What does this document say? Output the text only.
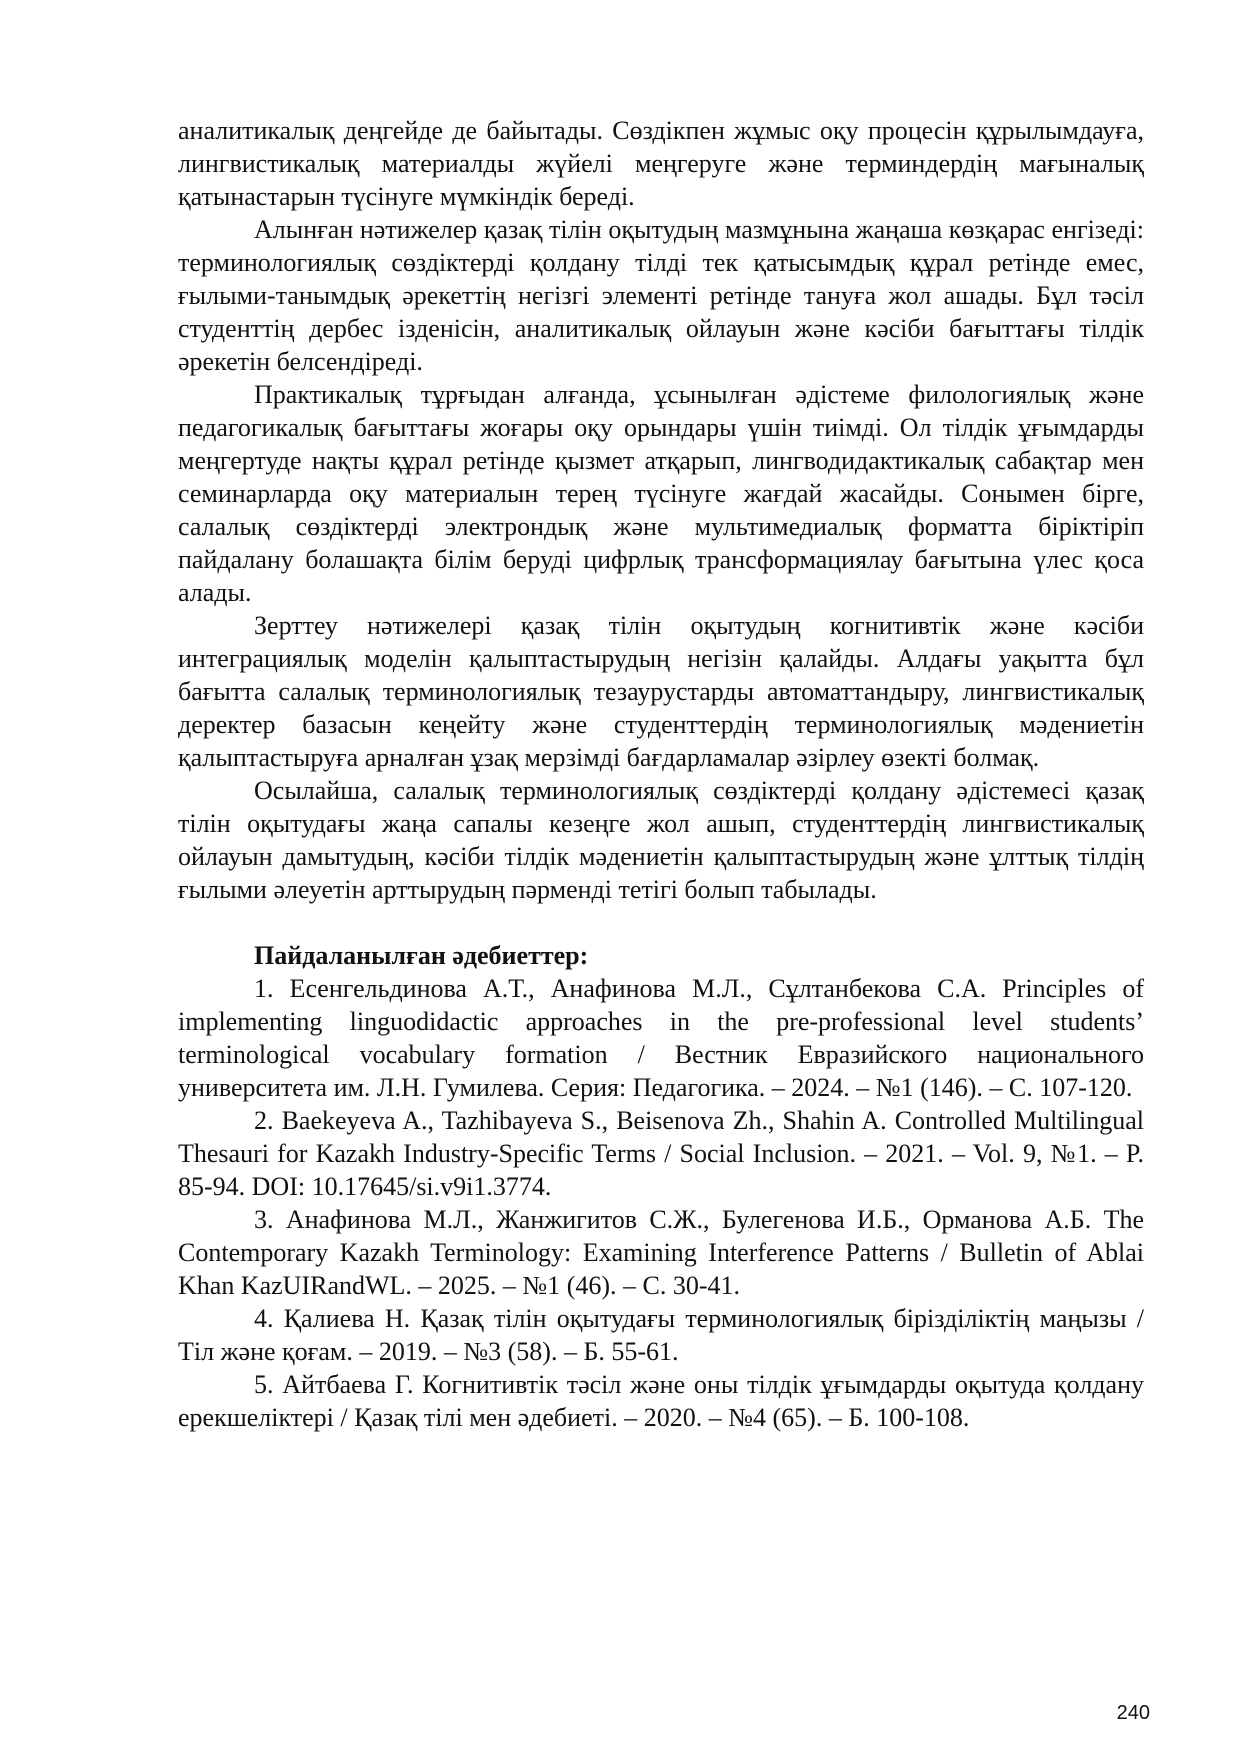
аналитикалық деңгейде де байытады. Сөздікпен жұмыс оқу процесін құрылымдауға, лингвистикалық материалды жүйелі меңгеруге және терминдердің мағыналық қатынастарын түсінуге мүмкіндік береді.

Алынған нәтижелер қазақ тілін оқытудың мазмұнына жаңаша көзқарас енгізеді: терминологиялық сөздіктерді қолдану тілді тек қатысымдық құрал ретінде емес, ғылыми-танымдық әрекеттің негізгі элементі ретінде тануға жол ашады. Бұл тәсіл студенттің дербес ізденісін, аналитикалық ойлауын және кәсіби бағыттағы тілдік әрекетін белсендіреді.

Практикалық тұрғыдан алғанда, ұсынылған әдістеме филологиялық және педагогикалық бағыттағы жоғары оқу орындары үшін тиімді. Ол тілдік ұғымдарды меңгертуде нақты құрал ретінде қызмет атқарып, лингводидактикалық сабақтар мен семинарларда оқу материалын терең түсінуге жағдай жасайды. Сонымен бірге, салалық сөздіктерді электрондық және мультимедиалық форматта біріктіріп пайдалану болашақта білім беруді цифрлық трансформациялау бағытына үлес қоса алады.

Зерттеу нәтижелері қазақ тілін оқытудың когнитивтік және кәсіби интеграциялық моделін қалыптастырудың негізін қалайды. Алдағы уақытта бұл бағытта салалық терминологиялық тезаурустарды автоматтандыру, лингвистикалық деректер базасын кеңейту және студенттердің терминологиялық мәдениетін қалыптастыруға арналған ұзақ мерзімді бағдарламалар әзірлеу өзекті болмақ.

Осылайша, салалық терминологиялық сөздіктерді қолдану әдістемесі қазақ тілін оқытудағы жаңа сапалы кезеңге жол ашып, студенттердің лингвистикалық ойлауын дамытудың, кәсіби тілдік мәдениетін қалыптастырудың және ұлттық тілдің ғылыми әлеуетін арттырудың пәрменді тетігі болып табылады.

Пайдаланылған әдебиеттер:

1. Есенгельдинова А.Т., Анафинова М.Л., Сұлтанбекова С.А. Principles of implementing linguodidactic approaches in the pre-professional level students’ terminological vocabulary formation / Вестник Евразийского национального университета им. Л.Н. Гумилева. Серия: Педагогика. – 2024. – №1 (146). – С. 107-120.

2. Baekeyeva A., Tazhibayeva S., Beisenova Zh., Shahin A. Controlled Multilingual Thesauri for Kazakh Industry-Specific Terms / Social Inclusion. – 2021. – Vol. 9, №1. – P. 85-94. DOI: 10.17645/si.v9i1.3774.

3. Анафинова М.Л., Жанжигитов С.Ж., Булегенова И.Б., Орманова А.Б. The Contemporary Kazakh Terminology: Examining Interference Patterns / Bulletin of Ablai Khan KazUIRandWL. – 2025. – №1 (46). – С. 30-41.

4. Қалиева Н. Қазақ тілін оқытудағы терминологиялық бірізділіктің маңызы / Тіл және қоғам. – 2019. – №3 (58). – Б. 55-61.

5. Айтбаева Г. Когнитивтік тәсіл және оны тілдік ұғымдарды оқытуда қолдану ерекшеліктері / Қазақ тілі мен әдебиеті. – 2020. – №4 (65). – Б. 100-108.

240
